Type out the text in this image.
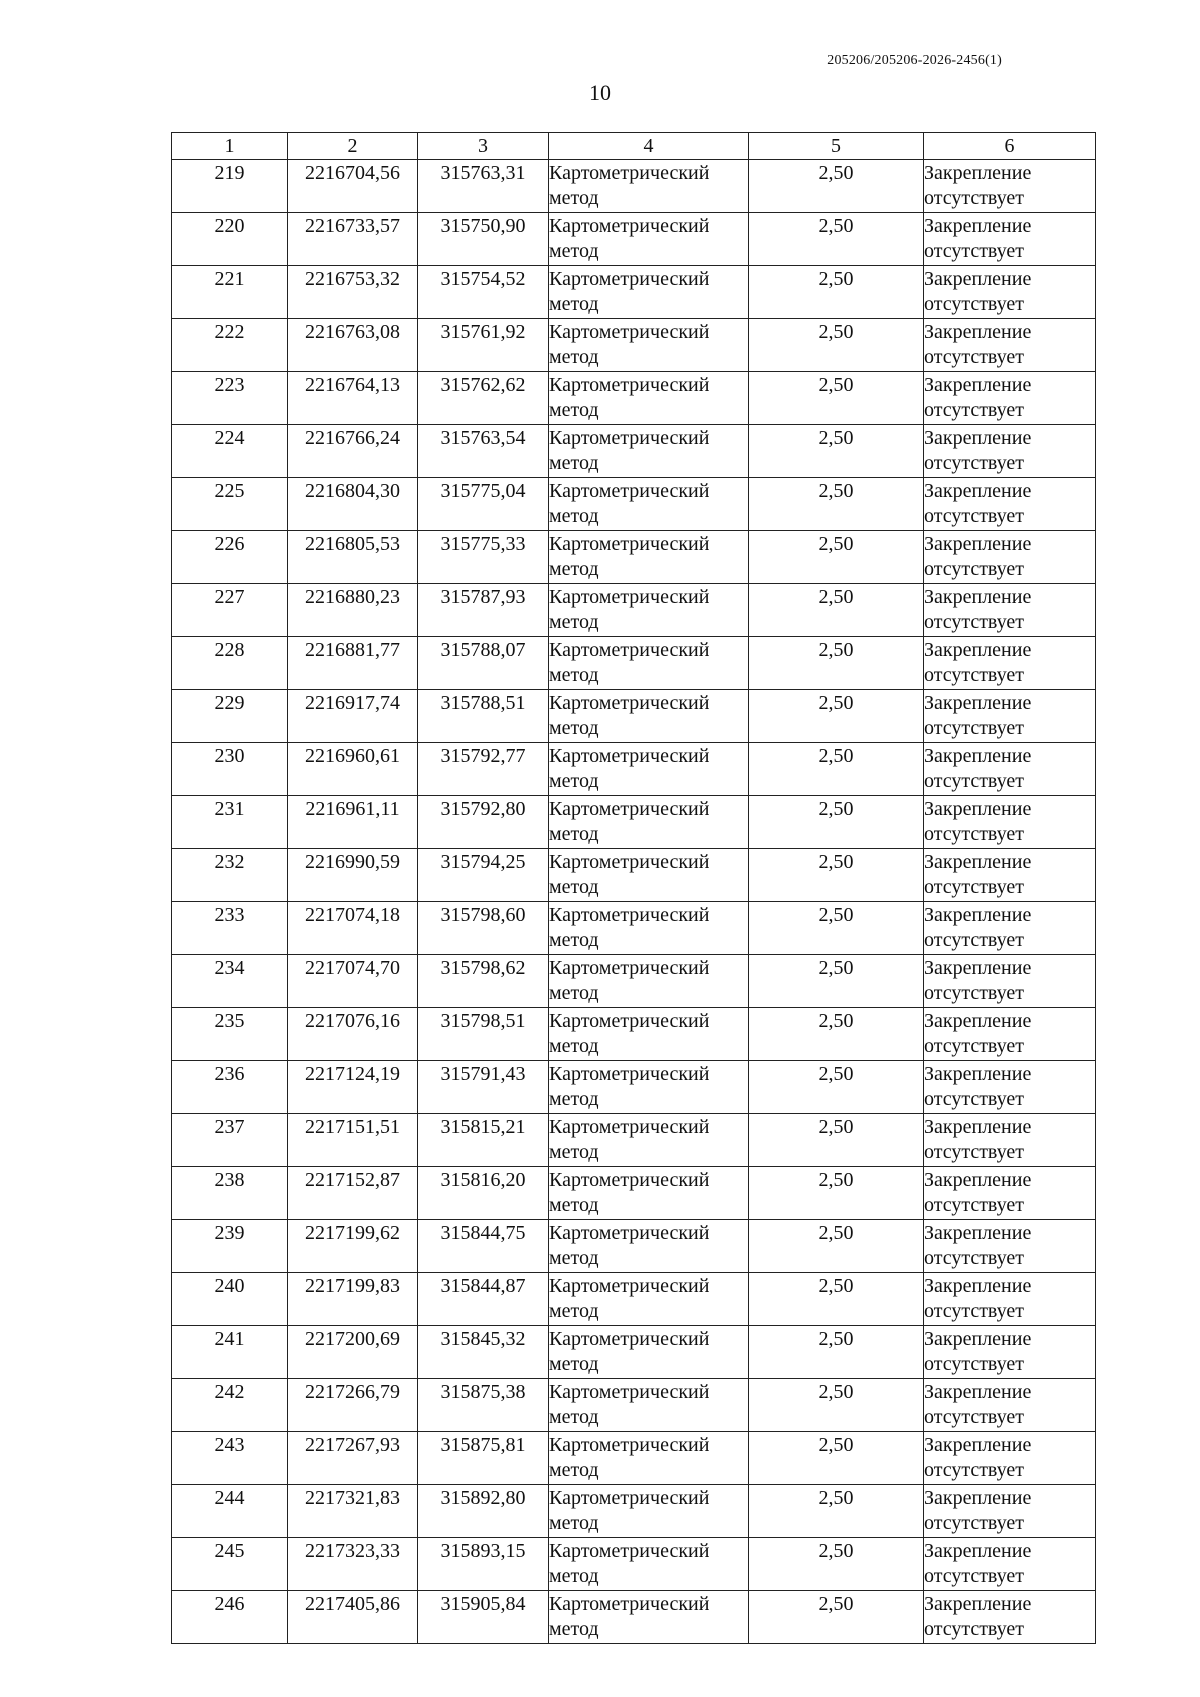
205206/205206-2026-2456(1)
10
1	2	3	4	5	6
219	2216704,56	315763,31	Картометрический метод	2,50	Закрепление отсутствует
220	2216733,57	315750,90	Картометрический метод	2,50	Закрепление отсутствует
221	2216753,32	315754,52	Картометрический метод	2,50	Закрепление отсутствует
222	2216763,08	315761,92	Картометрический метод	2,50	Закрепление отсутствует
223	2216764,13	315762,62	Картометрический метод	2,50	Закрепление отсутствует
224	2216766,24	315763,54	Картометрический метод	2,50	Закрепление отсутствует
225	2216804,30	315775,04	Картометрический метод	2,50	Закрепление отсутствует
226	2216805,53	315775,33	Картометрический метод	2,50	Закрепление отсутствует
227	2216880,23	315787,93	Картометрический метод	2,50	Закрепление отсутствует
228	2216881,77	315788,07	Картометрический метод	2,50	Закрепление отсутствует
229	2216917,74	315788,51	Картометрический метод	2,50	Закрепление отсутствует
230	2216960,61	315792,77	Картометрический метод	2,50	Закрепление отсутствует
231	2216961,11	315792,80	Картометрический метод	2,50	Закрепление отсутствует
232	2216990,59	315794,25	Картометрический метод	2,50	Закрепление отсутствует
233	2217074,18	315798,60	Картометрический метод	2,50	Закрепление отсутствует
234	2217074,70	315798,62	Картометрический метод	2,50	Закрепление отсутствует
235	2217076,16	315798,51	Картометрический метод	2,50	Закрепление отсутствует
236	2217124,19	315791,43	Картометрический метод	2,50	Закрепление отсутствует
237	2217151,51	315815,21	Картометрический метод	2,50	Закрепление отсутствует
238	2217152,87	315816,20	Картометрический метод	2,50	Закрепление отсутствует
239	2217199,62	315844,75	Картометрический метод	2,50	Закрепление отсутствует
240	2217199,83	315844,87	Картометрический метод	2,50	Закрепление отсутствует
241	2217200,69	315845,32	Картометрический метод	2,50	Закрепление отсутствует
242	2217266,79	315875,38	Картометрический метод	2,50	Закрепление отсутствует
243	2217267,93	315875,81	Картометрический метод	2,50	Закрепление отсутствует
244	2217321,83	315892,80	Картометрический метод	2,50	Закрепление отсутствует
245	2217323,33	315893,15	Картометрический метод	2,50	Закрепление отсутствует
246	2217405,86	315905,84	Картометрический метод	2,50	Закрепление отсутствует
